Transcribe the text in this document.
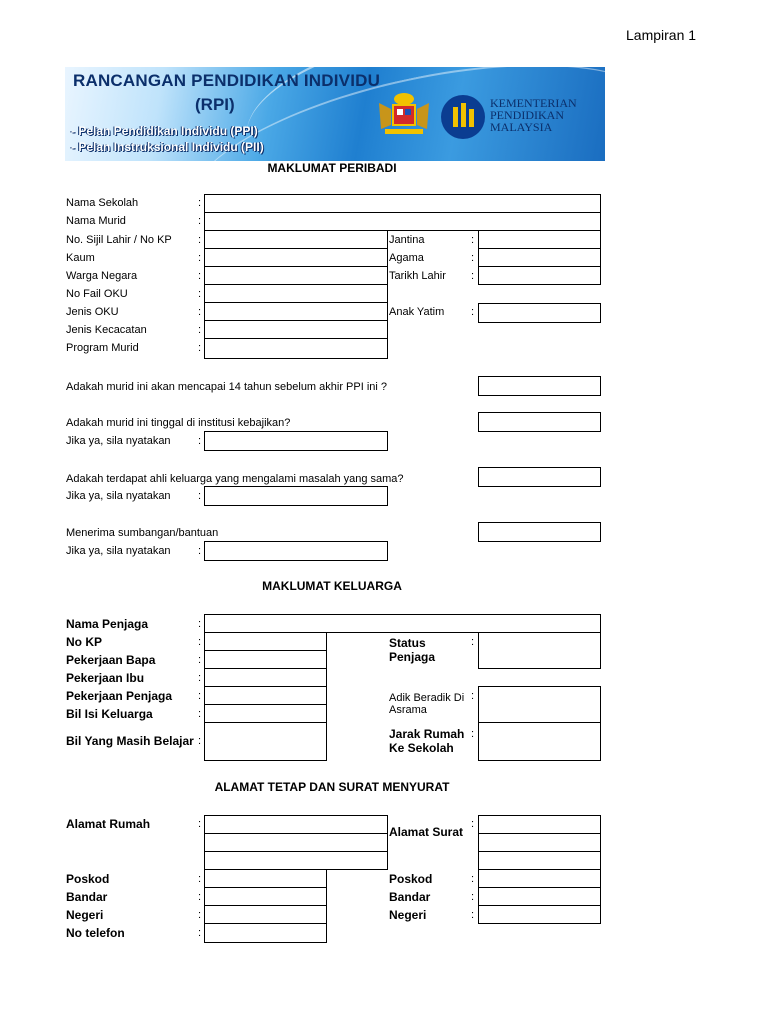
Lampiran 1
RANCANGAN PENDIDIKAN INDIVIDU
(RPI)
- Pelan Pendidikan Individu (PPI)
- Pelan Instruksional Individu (PII)
KEMENTERIAN
PENDIDIKAN
MALAYSIA
MAKLUMAT PERIBADI
Nama Sekolah	:
Nama Murid	:
No. Sijil Lahir / No KP :
Kaum	:
Warga Negara	:
No Fail OKU	:
Jenis OKU	:
Jenis Kecacatan	:
Program Murid	:
Jantina	:
Agama	:
Tarikh Lahir :
Anak Yatim :
Adakah murid ini akan mencapai 14 tahun sebelum akhir PPI ini ?
Adakah murid ini tinggal di institusi kebajikan?
Jika ya, sila nyatakan :
Adakah terdapat ahli keluarga yang mengalami masalah yang sama?
Jika ya, sila nyatakan :
Menerima sumbangan/bantuan
Jika ya, sila nyatakan :
MAKLUMAT KELUARGA
Nama Penjaga	:
No KP	:
Pekerjaan Bapa	:
Pekerjaan Ibu	:
Pekerjaan Penjaga :
Bil Isi Keluarga	:
Bil Yang Masih Belajar :
Status
Penjaga
:
Adik Beradik Di
Asrama
:
Jarak Rumah
Ke Sekolah
:
ALAMAT TETAP DAN SURAT MENYURAT
Alamat Rumah	:
Alamat Surat
:
Poskod	:
Bandar	:
Negeri	:
No telefon	:
Poskod	:
Bandar	:
Negeri	:
